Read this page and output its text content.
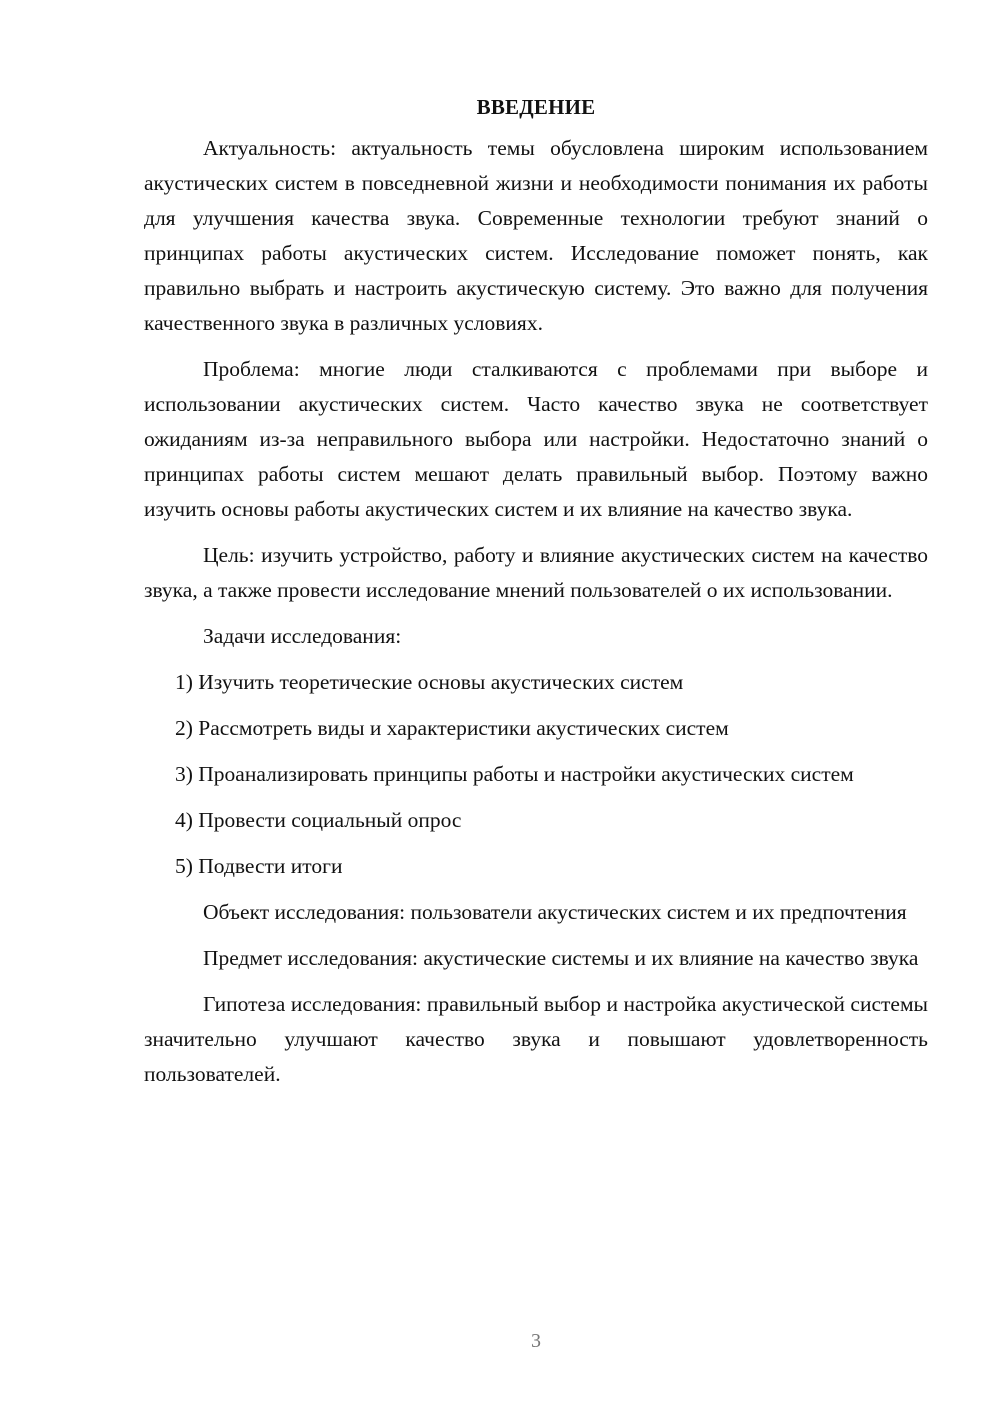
ВВЕДЕНИЕ

Актуальность: актуальность темы обусловлена широким использованием акустических систем в повседневной жизни и необходимости понимания их работы для улучшения качества звука. Современные технологии требуют знаний о принципах работы акустических систем. Исследование поможет понять, как правильно выбрать и настроить акустическую систему. Это важно для получения качественного звука в различных условиях.

Проблема: многие люди сталкиваются с проблемами при выборе и использовании акустических систем. Часто качество звука не соответствует ожиданиям из-за неправильного выбора или настройки. Недостаточно знаний о принципах работы систем мешают делать правильный выбор. Поэтому важно изучить основы работы акустических систем и их влияние на качество звука.

Цель: изучить устройство, работу и влияние акустических систем на качество звука, а также провести исследование мнений пользователей о их использовании.

Задачи исследования:

1) Изучить теоретические основы акустических систем

2) Рассмотреть виды и характеристики акустических систем

3) Проанализировать принципы работы и настройки акустических систем

4) Провести социальный опрос

5) Подвести итоги

Объект исследования: пользователи акустических систем и их предпочтения

Предмет исследования: акустические системы и их влияние на качество звука

Гипотеза исследования: правильный выбор и настройка акустической системы значительно улучшают качество звука и повышают удовлетворенность пользователей.

3
